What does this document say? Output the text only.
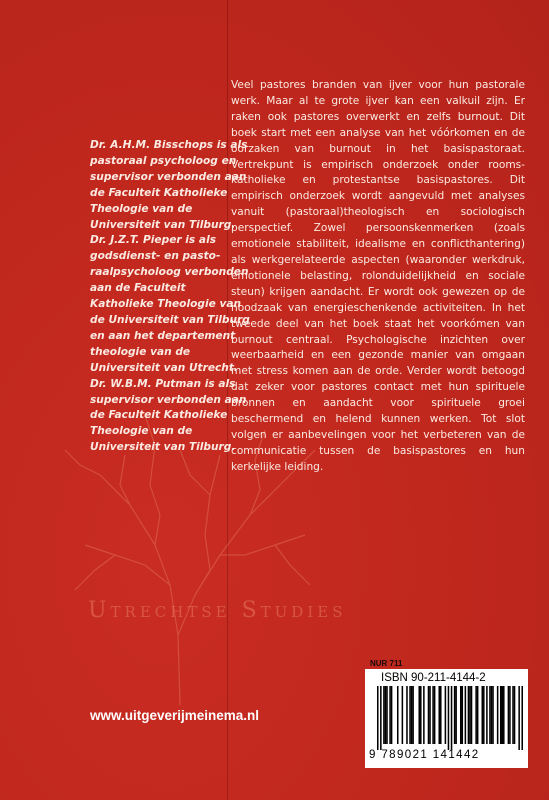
Dr. A.H.M. Bisschops is als pastoraal psycholoog en supervisor verbonden aan de Faculteit Katholieke Theologie van de Universiteit van Tilburg.

Dr. J.Z.T. Pieper is als godsdienst- en pastoraalpsycholoog verbonden aan de Faculteit Katholieke Theologie van de Universiteit van Tilburg en aan het departement theologie van de Universiteit van Utrecht.

Dr. W.B.M. Putman is als supervisor verbonden aan de Faculteit Katholieke Theologie van de Universiteit van Tilburg.

Veel pastores branden van ijver voor hun pastorale werk. Maar al te grote ijver kan een valkuil zijn. Er raken ook pastores overwerkt en zelfs burnout. Dit boek start met een analyse van het vóórkomen en de oorzaken van burnout in het basispastoraat. Vertrekpunt is empirisch onderzoek onder roomskatholieke en protestantse basispastores. Dit empirisch onderzoek wordt aangevuld met analyses vanuit (pastoraal)theologisch en sociologisch perspectief. Zowel persoonskenmerken (zoals emotionele stabiliteit, idealisme en conflicthantering) als werkgerelateerde aspecten (waaronder werkdruk, emotionele belasting, rolonduidelijkheid en sociale steun) krijgen aandacht. Er wordt ook gewezen op de noodzaak van energieschenkende activiteiten. In het tweede deel van het boek staat het voorkómen van burnout centraal. Psychologische inzichten over weerbaarheid en een gezonde manier van omgaan met stress komen aan de orde. Verder wordt betoogd dat zeker voor pastores contact met hun spirituele bronnen en aandacht voor spirituele groei beschermend en helend kunnen werken. Tot slot volgen er aanbevelingen voor het verbeteren van de communicatie tussen de basispastores en hun kerkelijke leiding.
Utrechtse Studies
NUR 711
ISBN 90-211-4144-2
9 789021 141442
www.uitgeverijmeinema.nl
